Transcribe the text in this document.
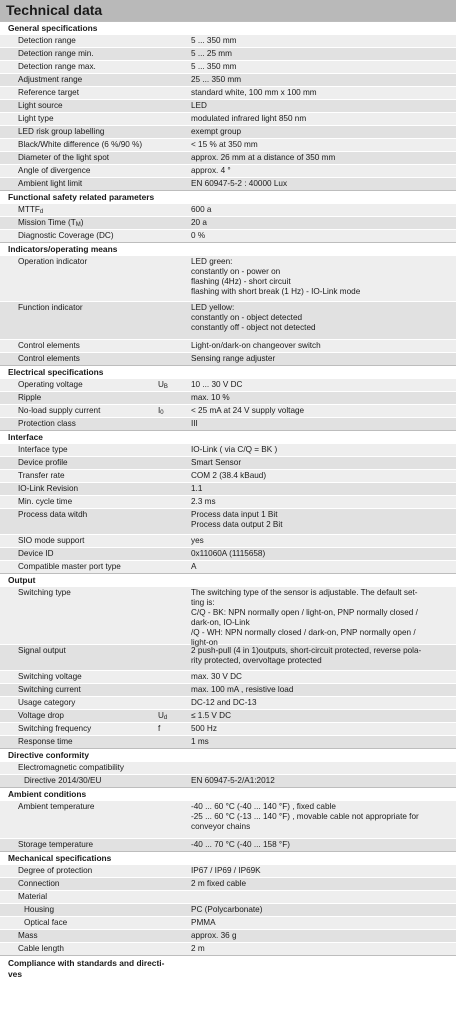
Technical data
General specifications
Detection range	5 ... 350 mm
Detection range min.	5 ... 25 mm
Detection range max.	5 ... 350 mm
Adjustment range	25 ... 350 mm
Reference target	standard white, 100 mm x 100 mm
Light source	LED
Light type	modulated infrared light 850 nm
LED risk group labelling	exempt group
Black/White difference (6 %/90 %)	< 15 % at 350 mm
Diameter of the light spot	approx. 26 mm at a distance of 350 mm
Angle of divergence	approx. 4 °
Ambient light limit	EN 60947-5-2 : 40000 Lux
Functional safety related parameters
$MTTF_d$	600 a
Mission Time $(T_M)$	20 a
Diagnostic Coverage (DC)	0 %
Indicators/operating means
Operation indicator	LED green:
constantly on - power on
flashing (4Hz) - short circuit
flashing with short break (1 Hz) - IO-Link mode
Function indicator	LED yellow:
constantly on - object detected
constantly off - object not detected
Control elements	Light-on/dark-on changeover switch
Control elements	Sensing range adjuster
Electrical specifications
Operating voltage	$U_B$	10 ... 30 V DC
Ripple	max. 10 %
No-load supply current	$I_0$	< 25 mA at 24 V supply voltage
Protection class	III
Interface
Interface type	IO-Link ( via C/Q = BK )
Device profile	Smart Sensor
Transfer rate	COM 2 (38.4 kBaud)
IO-Link Revision	1.1
Min. cycle time	2.3 ms
Process data witdh	Process data input 1 Bit
Process data output 2 Bit
SIO mode support	yes
Device ID	0x11060A (1115658)
Compatible master port type	A
Output
Switching type	The switching type of the sensor is adjustable. The default set-
ting is:
C/Q - BK: NPN normally open / light-on, PNP normally closed /
dark-on, IO-Link
/Q - WH: NPN normally closed / dark-on, PNP normally open /
light-on
Signal output	2 push-pull (4 in 1)outputs, short-circuit protected, reverse pola-
rity protected, overvoltage protected
Switching voltage	max. 30 V DC
Switching current	max. 100 mA , resistive load
Usage category	DC-12 and DC-13
Voltage drop	$U_d$	≤ 1.5 V DC
Switching frequency	f	500 Hz
Response time	1 ms
Directive conformity
Electromagnetic compatibility
Directive 2014/30/EU	EN 60947-5-2/A1:2012
Ambient conditions
Ambient temperature	-40 ... 60 °C (-40 ... 140 °F) , fixed cable
-25 ... 60 °C (-13 ... 140 °F) , movable cable not appropriate for
conveyor chains
Storage temperature	-40 ... 70 °C (-40 ... 158 °F)
Mechanical specifications
Degree of protection	IP67 / IP69 / IP69K
Connection	2 m fixed cable
Material
Housing	PC (Polycarbonate)
Optical face	PMMA
Mass	approx. 36 g
Cable length	2 m
Compliance with standards and directi-
ves
